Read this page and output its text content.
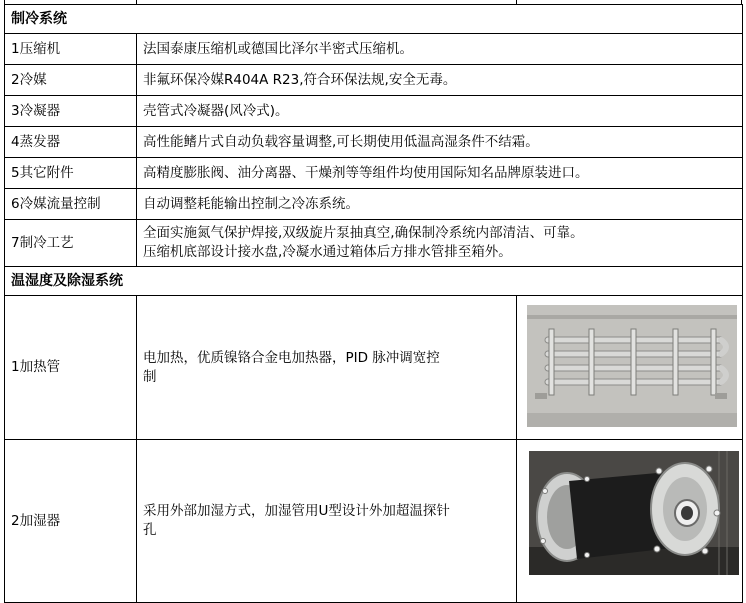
制冷系统		
1压缩机	法国泰康压缩机或德国比泽尔半密式压缩机。	
2冷媒	非氟环保冷媒R404A R23,符合环保法规,安全无毒。	
3冷凝器	壳管式冷凝器(风冷式)。	
4蒸发器	高性能鳍片式自动负载容量调整,可长期使用低温高湿条件不结霜。	
5其它附件	高精度膨胀阀、油分离器、干燥剂等等组件均使用国际知名品牌原装进口。	
6冷媒流量控制	自动调整耗能输出控制之冷冻系统。	
7制冷工艺	全面实施氮气保护焊接,双级旋片泵抽真空,确保制冷系统内部清洁、可靠。
压缩机底部设计接水盘,冷凝水通过箱体后方排水管排至箱外。	

温湿度及除湿系统		
1加热管	电加热，优质镍铬合金电加热器，PID 脉冲调宽控
制

2加湿器	采用外部加湿方式，加湿管用U型设计外加超温探针
孔
